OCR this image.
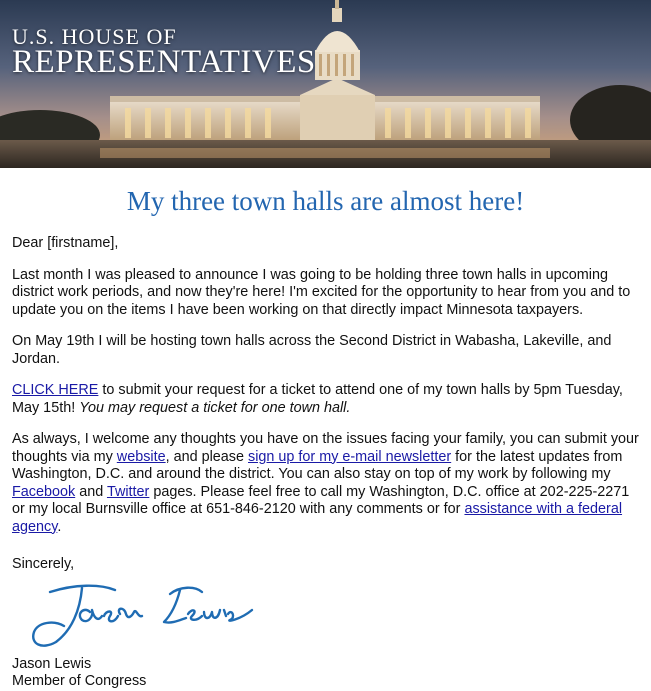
U.S. HOUSE OF
REPRESENTATIVES
My three town halls are almost here!

Dear [firstname],

Last month I was pleased to announce I was going to be holding three town halls in upcoming district work periods, and now they're here! I'm excited for the opportunity to hear from you and to update you on the items I have been working on that directly impact Minnesota taxpayers.

On May 19th I will be hosting town halls across the Second District in Wabasha, Lakeville, and Jordan.

CLICK HERE to submit your request for a ticket to attend one of my town halls by 5pm Tuesday, May 15th! You may request a ticket for one town hall.

As always, I welcome any thoughts you have on the issues facing your family, you can submit your thoughts via my website, and please sign up for my e-mail newsletter for the latest updates from Washington, D.C. and around the district. You can also stay on top of my work by following my Facebook and Twitter pages. Please feel free to call my Washington, D.C. office at 202-225-2271 or my local Burnsville office at 651-846-2120 with any comments or for assistance with a federal agency.

Sincerely,

Jason Lewis

Member of Congress
